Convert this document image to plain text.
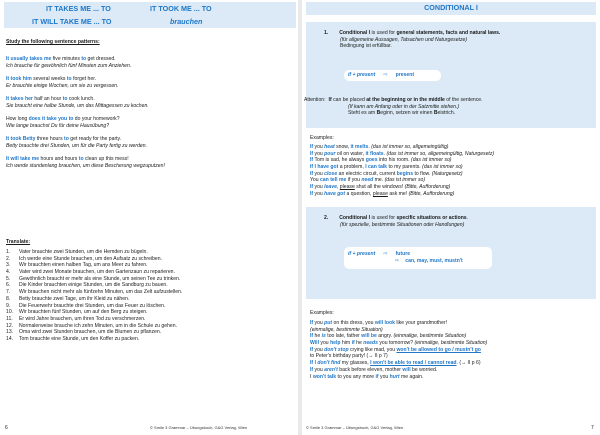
IT TAKES ME ... TO	IT TOOK ME ... TO
IT WILL TAKE ME ... TO	brauchen
Study the following sentence patterns:
It usually takes me five minutes to get dressed.
Ich brauche für gewöhnlich fünf Minuten zum Anziehen.
It took him several weeks to forget her.
Er brauchte einige Wochen, um sie zu vergessen.
It takes her half an hour to cook lunch.
Sie braucht eine halbe Stunde, um das Mittagessen zu kochen.
How long does it take you to do your homework?
Wie lange brauchst Du für deine Hausübung?
It took Betty three hours to get ready for the party.
Betty brauchte drei Stunden, um für die Party fertig zu werden.
It will take me hours and hours to clean up this mess!
Ich werde stundenlang brauchen, um diese Bescherung wegzuputzen!
Translate:
1. Vater brauchte zwei Stunden, um die Hemden zu bügeln.
2. Ich werde eine Stunde brauchen, um den Aufsatz zu schreiben.
3. Wir brauchten einen halben Tag, um ans Meer zu fahren.
4. Vater wird zwei Monate brauchen, um den Gartenzaun zu reparieren.
5. Gewöhnlich braucht er mehr als eine Stunde, um seinen Tee zu trinken.
6. Die Kinder brauchten einige Stunden, um die Sandburg zu bauen.
7. Wir brauchen nicht mehr als fünfzehn Minuten, um das Zelt aufzustellen.
8. Betty brauchte zwei Tage, um ihr Kleid zu nähen.
9. Die Feuerwehr brauchte drei Stunden, um das Feuer zu löschen.
10. Wir brauchten fünf Stunden, um auf den Berg zu steigen.
11. Er wird Jahre brauchen, um ihren Tod zu verschmerzen.
12. Normalerweise brauche ich zehn Minuten, um in die Schule zu gehen.
13. Oma wird zwei Stunden brauchen, um die Blumen zu pflanzen.
14. Tom brauchte eine Stunde, um den Koffer zu packen.
6	© Smile 3 Grammar – Übungsbuch, G&G Verlag, Wien
CONDITIONAL I
1. Conditional I is used for general statements, facts and natural laws.
(für allgemeine Aussagen, Tatsachen und Naturgesetze)
Bedingung ist erfüllbar.
if + present ⇨ present
Attention: If can be placed at the beginning or in the middle of the sentence.
(If kann am Anfang oder in der Satzmitte stehen.)
Steht es am Beginn, setzen wir einen Beistrich.
Examples:
If you heat snow, it melts. (das ist immer so, allgemeingültig)
If you pour oil on water, it floats. (das ist immer so, allgemeingültig, Naturgesetz)
If Tom is sad, he always goes into his room. (das ist immer so)
If I have got a problem, I can talk to my parents. (das ist immer so)
If you close an electric circuit, current begins to flow. (Naturgesetz)
You can tell me if you need me. (das ist immer so)
If you leave, please shut all the windows! (Bitte, Aufforderung)
If you have got a question, please ask me! (Bitte, Aufforderung)
2. Conditional I is used for specific situations or actions.
(für spezielle, bestimmte Situationen oder Handlungen)
if + present ⇨ future
⇨ can, may, must, mustn't
Examples:
If you put on this dress, you will look like your grandmother!
(einmalige, bestimmte Situation)
If he is too late, father will be angry. (einmalige, bestimmte Situation)
Will you help him if he needs you tomorrow? (einmalige, bestimmte Situation)
If you don't stop crying like mad, you won't be allowed to go / mustn't go
to Peter's birthday party! (→ II p 7)
If I don't find my glasses, I won't be able to read / cannot read. (→ II p 6)
If you aren't back before eleven, mother will be worried.
I won't talk to you any more if you hurt me again.
© Smile 3 Grammar – Übungsbuch, G&G Verlag, Wien	7
